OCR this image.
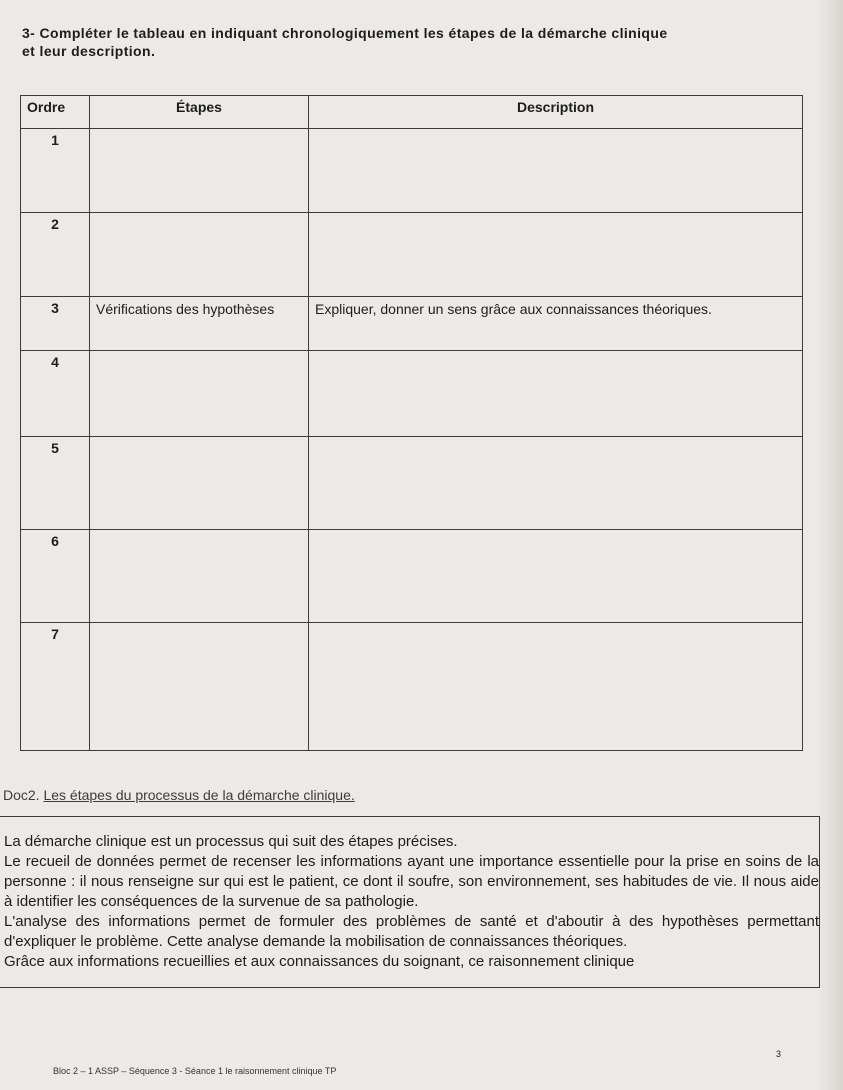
3- Compléter le tableau en indiquant chronologiquement les étapes de la démarche clinique
et leur description.
Ordre	Étapes	Description
1		
2		
3	Vérifications des hypothèses	Expliquer, donner un sens grâce aux connaissances théoriques.
4		
5		
6		
7		
Doc2. Les étapes du processus de la démarche clinique.

La démarche clinique est un processus qui suit des étapes précises.

Le recueil de données permet de recenser les informations ayant une importance essentielle pour la prise en soins de la personne : il nous renseigne sur qui est le patient, ce dont il soufre, son environnement, ses habitudes de vie. Il nous aide à identifier les conséquences de la survenue de sa pathologie.

L'analyse des informations permet de formuler des problèmes de santé et d'aboutir à des hypothèses permettant d'expliquer le problème. Cette analyse demande la mobilisation de connaissances théoriques.

Grâce aux informations recueillies et aux connaissances du soignant, ce raisonnement clinique

3
Bloc 2 – 1 ASSP – Séquence 3 - Séance 1 le raisonnement clinique TP
